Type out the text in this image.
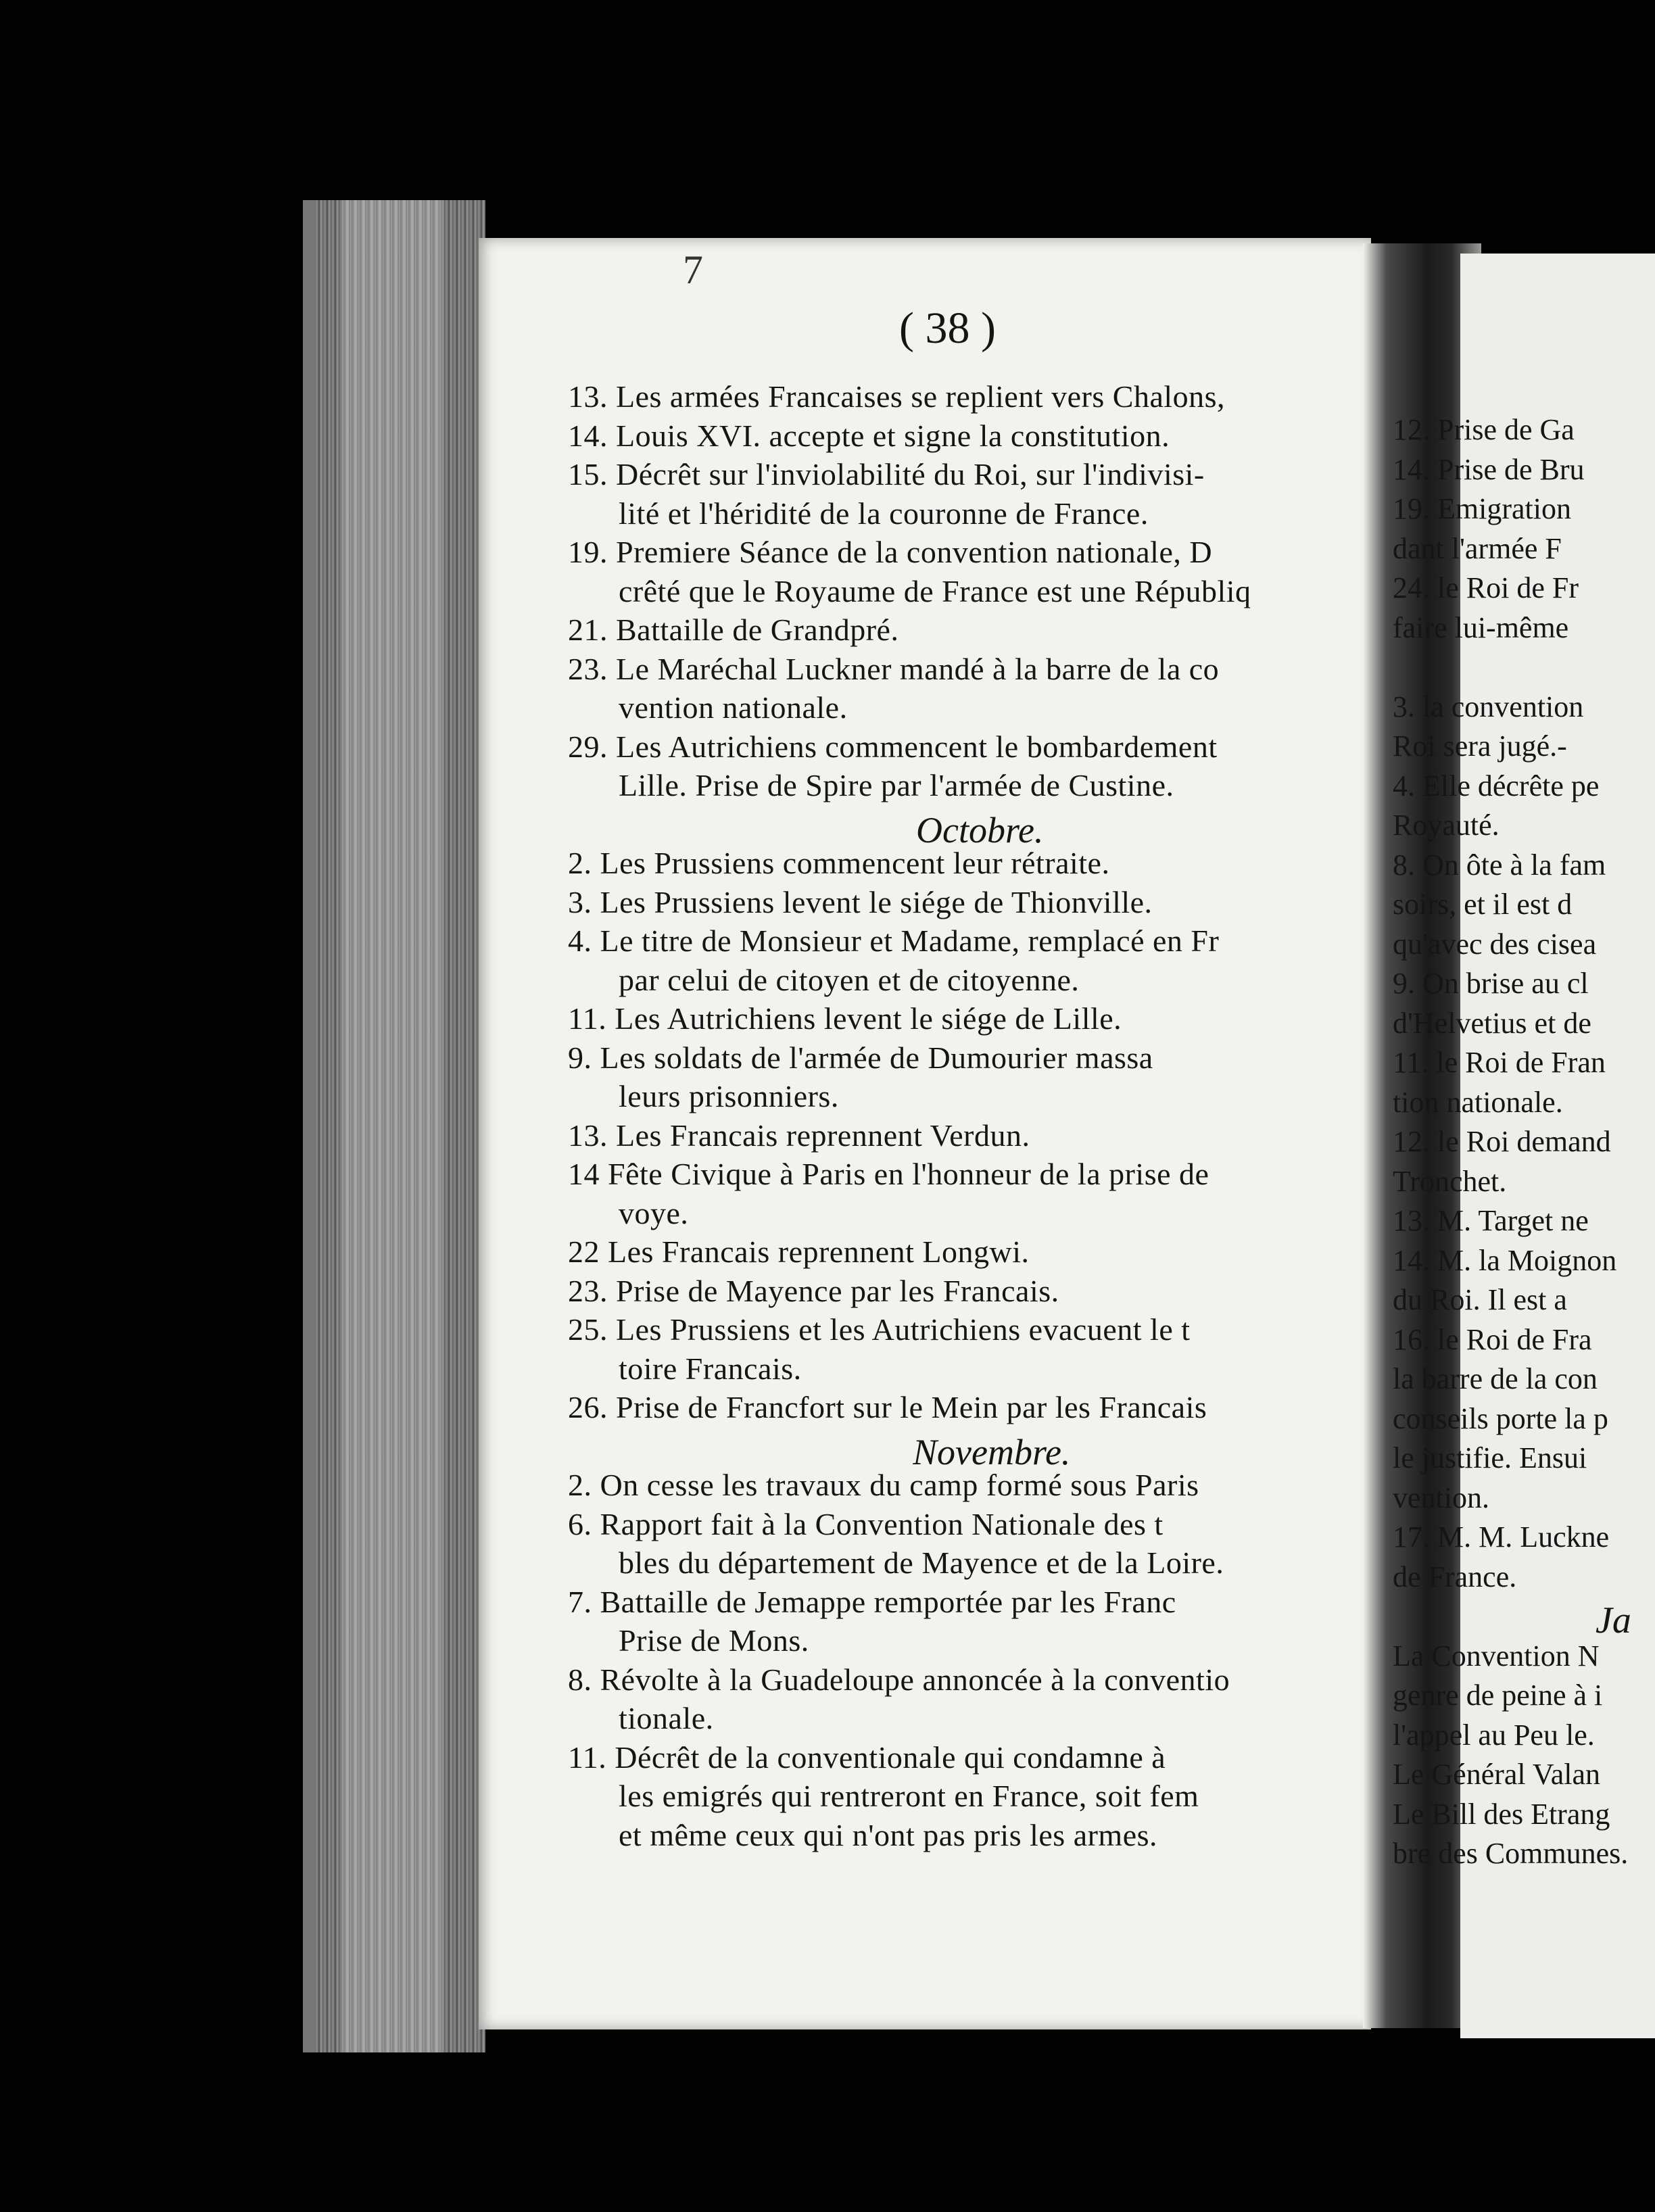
7
( 38 )
13. Les armées Francaises se replient vers Chalons,
14. Louis XVI. accepte et signe la constitution.
15. Décrêt sur l'inviolabilité du Roi, sur l'indivisi-
lité et l'héridité de la couronne de France.
19. Premiere Séance de la convention nationale, D
crêté que le Royaume de France est une Républiq
21. Battaille de Grandpré.
23. Le Maréchal Luckner mandé à la barre de la co
vention nationale.
29. Les Autrichiens commencent le bombardement
Lille. Prise de Spire par l'armée de Custine.
Octobre.
2. Les Prussiens commencent leur rétraite.
3. Les Prussiens levent le siége de Thionville.
4. Le titre de Monsieur et Madame, remplacé en Fr
par celui de citoyen et de citoyenne.
11. Les Autrichiens levent le siége de Lille.
9. Les soldats de l'armée de Dumourier massa
leurs prisonniers.
13. Les Francais reprennent Verdun.
14 Fête Civique à Paris en l'honneur de la prise de
voye.
22 Les Francais reprennent Longwi.
23. Prise de Mayence par les Francais.
25. Les Prussiens et les Autrichiens evacuent le t
toire Francais.
26. Prise de Francfort sur le Mein par les Francais
Novembre.
2. On cesse les travaux du camp formé sous Paris
6. Rapport fait à la Convention Nationale des t
bles du département de Mayence et de la Loire.
7. Battaille de Jemappe remportée par les Franc
Prise de Mons.
8. Révolte à la Guadeloupe annoncée à la conventio
tionale.
11. Décrêt de la conventionale qui condamne à
les emigrés qui rentreront en France, soit fem
et même ceux qui n'ont pas pris les armes.
12. Prise de Ga
14. Prise de Bru
19. Emigration
dant l'armée F
24. le Roi de Fr
faire lui-même
3. la convention
Roi sera jugé.-
4. Elle décrête pe
Royauté.
8. On ôte à la fam
soirs, et il est d
qu'avec des cisea
9. On brise au cl
d'Helvetius et de
11. le Roi de Fran
tion nationale.
12. le Roi demand
Tronchet.
13. M. Target ne
14. M. la Moignon
du Roi. Il est a
16. le Roi de Fra
la barre de la con
conseils porte la p
le justifie. Ensui
vention.
17. M. M. Luckne
de France.
Ja
La Convention N
genre de peine à i
l'appel au Peu le.
Le Général Valan
Le Bill des Etrang
bre des Communes.
